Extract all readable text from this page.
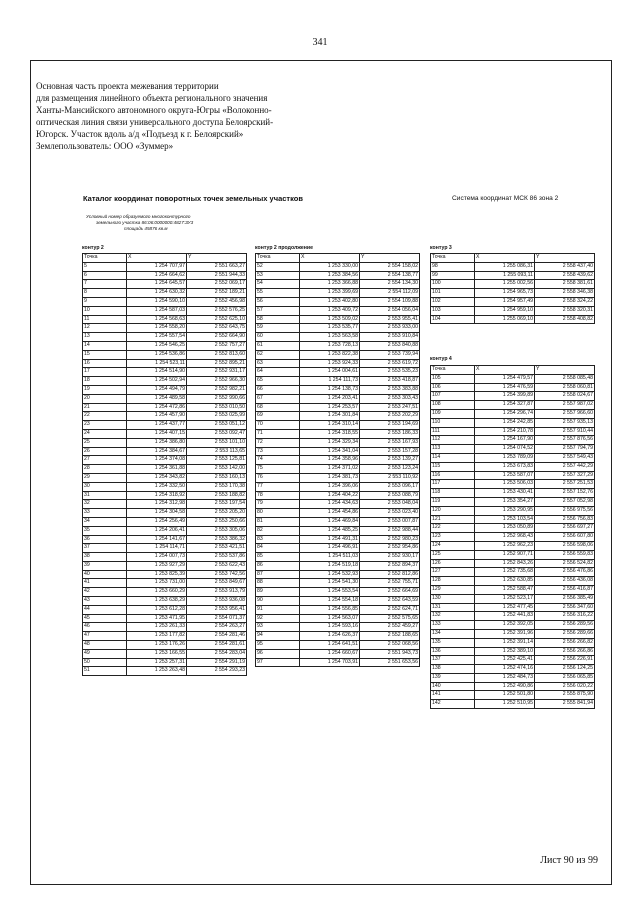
341
Основная часть проекта межевания территории
для размещения линейного объекта регионального значения
Ханты-Мансийского автономного округа-Югры «Волоконно-
оптическая линия связи универсального доступа Белоярский-
Югорск. Участок вдоль а/д «Подъезд к г. Белоярский»
Землепользователь: ООО «Зуммер»
Каталог координат поворотных точек земельных участков	Система координат МСК 86 зона 2
Условный номер образуемого многоконтурного
земельного участка 86:06:0000000:4827:ЗУ3
площадь 45876 кв.м
контур 2
Точка	X	Y
5	1 254 707,97	2 551 663,27
6	1 254 664,62	2 551 944,33
7	1 254 645,57	2 552 069,17
8	1 254 630,32	2 552 189,21
9	1 254 590,10	2 552 456,98
10	1 254 587,03	2 552 576,25
11	1 254 568,63	2 552 625,10
12	1 254 558,20	2 552 643,75
13	1 254 557,54	2 552 664,90
14	1 254 546,25	2 552 757,27
15	1 254 536,86	2 552 813,60
16	1 254 523,11	2 552 895,21
17	1 254 514,90	2 552 931,17
18	1 254 502,94	2 552 966,30
19	1 254 494,79	2 552 982,21
20	1 254 489,58	2 552 990,66
21	1 254 472,86	2 553 010,50
22	1 254 457,90	2 553 025,99
23	1 254 437,77	2 553 051,12
24	1 254 407,15	2 553 092,47
25	1 254 386,80	2 553 101,10
26	1 254 384,67	2 553 113,65
27	1 254 374,08	2 553 125,81
28	1 254 361,88	2 553 142,00
29	1 254 343,82	2 553 160,13
30	1 254 332,50	2 553 170,38
31	1 254 318,92	2 553 188,82
32	1 254 312,98	2 553 197,54
33	1 254 304,58	2 553 205,20
34	1 254 256,49	2 553 250,66
35	1 254 206,41	2 553 305,06
36	1 254 141,67	2 553 386,32
37	1 254 114,71	2 553 421,51
38	1 254 007,73	2 553 537,86
39	1 253 927,29	2 553 622,43
40	1 253 825,39	2 553 742,56
41	1 253 731,00	2 553 849,67
42	1 253 660,29	2 553 913,79
43	1 253 638,29	2 553 936,08
44	1 253 612,28	2 553 956,41
45	1 253 471,95	2 554 071,37
46	1 253 261,33	2 554 263,27
47	1 253 177,82	2 554 281,46
48	1 253 176,26	2 554 281,61
49	1 253 166,55	2 554 283,04
50	1 253 257,31	2 554 291,19
51	1 253 263,48	2 554 293,23
контур 2 продолжение
Точка	X	Y
52	1 253 330,00	2 554 158,02
53	1 253 384,56	2 554 138,77
54	1 253 366,88	2 554 134,30
55	1 253 399,69	2 554 112,09
56	1 253 402,80	2 554 109,88
57	1 253 409,72	2 554 056,04
58	1 253 509,02	2 553 955,41
59	1 253 535,77	2 553 933,00
60	1 253 563,58	2 553 910,84
61	1 253 728,13	2 553 840,88
62	1 253 822,38	2 553 739,94
63	1 253 924,33	2 553 619,72
64	1 254 004,61	2 553 535,23
65	1 254 111,73	2 553 418,87
66	1 254 138,73	2 553 383,88
67	1 254 203,41	2 553 303,43
68	1 254 253,57	2 553 247,51
69	1 254 301,84	2 553 202,29
70	1 254 310,14	2 553 194,69
71	1 254 318,55	2 553 186,33
72	1 254 329,34	2 553 167,93
73	1 254 341,04	2 553 157,28
74	1 254 358,96	2 553 139,27
75	1 254 371,02	2 553 123,24
76	1 254 381,73	2 553 110,92
77	1 254 396,06	2 553 096,17
78	1 254 404,22	2 553 088,79
79	1 254 434,63	2 553 048,04
80	1 254 454,86	2 553 023,40
81	1 254 469,84	2 553 007,87
82	1 254 485,25	2 552 988,44
83	1 254 491,31	2 552 980,23
84	1 254 496,91	2 552 954,86
85	1 254 511,03	2 552 930,17
86	1 254 519,18	2 552 894,37
87	1 254 532,93	2 552 812,86
88	1 254 541,30	2 552 755,71
89	1 254 553,54	2 552 664,69
90	1 254 554,18	2 552 643,59
91	1 254 556,85	2 552 624,71
92	1 254 563,07	2 552 575,65
93	1 254 593,16	2 552 459,27
94	1 254 626,37	2 552 188,65
95	1 254 641,51	2 552 068,56
96	1 254 660,67	2 551 943,73
97	1 254 703,91	2 551 653,56
контур 3
Точка	X	Y
98	1 255 086,31	2 558 437,40
99	1 255 093,11	2 558 439,62
100	1 255 002,56	2 558 381,61
101	1 254 965,73	2 558 346,38
102	1 254 957,49	2 558 324,22
103	1 254 959,10	2 558 320,31
104	1 255 069,10	2 558 408,82
контур 4
Точка	X	Y
105	1 254 479,57	2 558 085,48
106	1 254 476,59	2 558 060,81
107	1 254 399,89	2 558 024,67
108	1 254 327,87	2 557 987,02
109	1 254 296,74	2 557 966,60
110	1 254 242,85	2 557 935,13
111	1 254 210,78	2 557 910,44
112	1 254 167,90	2 557 876,56
113	1 254 074,52	2 557 794,79
114	1 253 789,09	2 557 549,43
115	1 253 673,83	2 557 442,29
116	1 253 587,07	2 557 327,29
117	1 253 506,03	2 557 251,53
118	1 253 430,41	2 557 152,76
119	1 253 354,27	2 557 052,98
120	1 253 290,95	2 556 975,56
121	1 253 103,54	2 556 756,83
122	1 253 050,89	2 556 697,27
123	1 252 968,43	2 556 607,80
124	1 252 962,23	2 556 598,06
125	1 252 907,71	2 556 559,83
126	1 252 843,26	2 556 524,82
127	1 252 735,68	2 556 476,86
128	1 252 630,85	2 556 436,08
129	1 252 588,47	2 556 416,87
130	1 252 523,17	2 556 385,49
131	1 252 477,45	2 556 347,60
132	1 252 441,83	2 556 316,22
133	1 252 392,05	2 556 289,56
134	1 252 391,96	2 556 289,66
135	1 252 391,14	2 556 266,82
136	1 252 389,10	2 556 266,86
137	1 252 425,41	2 556 226,91
138	1 252 474,16	2 556 124,25
139	1 252 484,73	2 556 065,85
140	1 252 490,86	2 556 020,22
141	1 252 501,80	2 555 875,90
142	1 252 510,95	2 555 841,94
Лист 90 из 99
